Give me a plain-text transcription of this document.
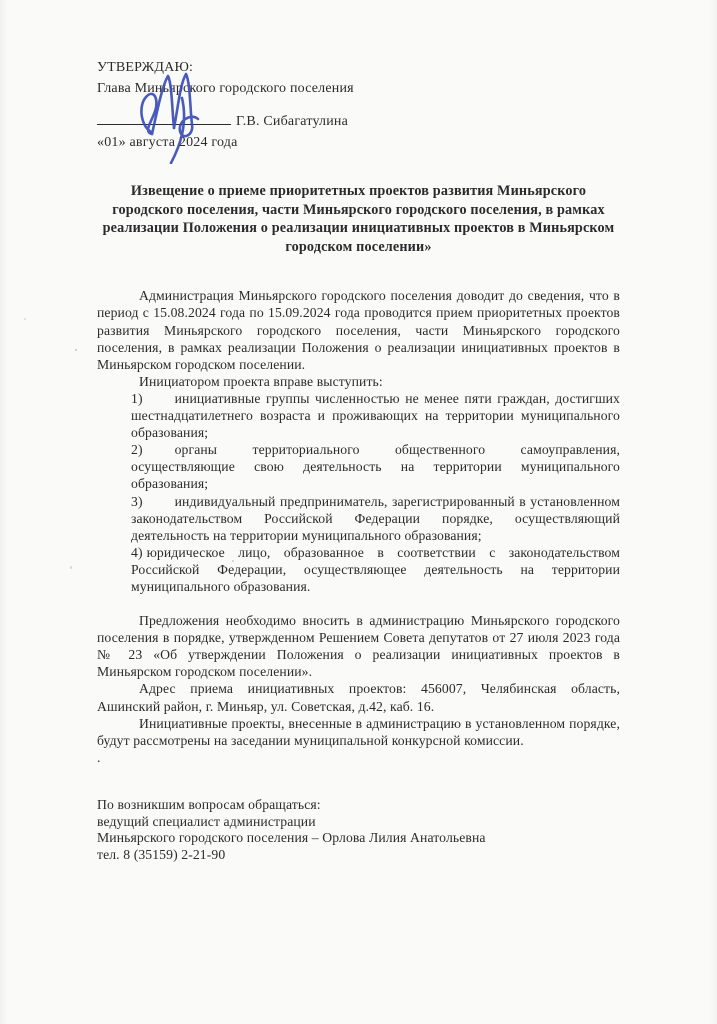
УТВЕРЖДАЮ:

Глава Миньярского городского поселения

Г.В. Сибагатулина

«01» августа 2024 года

Извещение о приеме приоритетных проектов развития Миньярского городского поселения, части Миньярского городского поселения, в рамках реализации Положения о реализации инициативных проектов в Миньярском городском поселении»

Администрация Миньярского городского поселения доводит до сведения, что в период с 15.08.2024 года по 15.09.2024 года проводится прием приоритетных проектов развития Миньярского городского поселения, части Миньярского городского поселения, в рамках реализации Положения о реализации инициативных проектов в Миньярском городском поселении.

Инициатором проекта вправе выступить:

1) инициативные группы численностью не менее пяти граждан, достигших шестнадцатилетнего возраста и проживающих на территории муниципального образования;

2) органы территориального общественного самоуправления, осуществляющие свою деятельность на территории муниципального образования;

3) индивидуальный предприниматель, зарегистрированный в установленном законодательством Российской Федерации порядке, осуществляющий деятельность на территории муниципального образования;

4) юридическое лицо, образованное в соответствии с законодательством Российской Федерации, осуществляющее деятельность на территории муниципального образования.

Предложения необходимо вносить в администрацию Миньярского городского поселения в порядке, утвержденном Решением Совета депутатов от 27 июля 2023 года № 23 «Об утверждении Положения о реализации инициативных проектов в Миньярском городском поселении».

Адрес приема инициативных проектов: 456007, Челябинская область, Ашинский район, г. Миньяр, ул. Советская, д.42, каб. 16.

Инициативные проекты, внесенные в администрацию в установленном порядке, будут рассмотрены на заседании муниципальной конкурсной комиссии.

.

По возникшим вопросам обращаться:

ведущий специалист администрации

Миньярского городского поселения – Орлова Лилия Анатольевна

тел. 8 (35159) 2-21-90
